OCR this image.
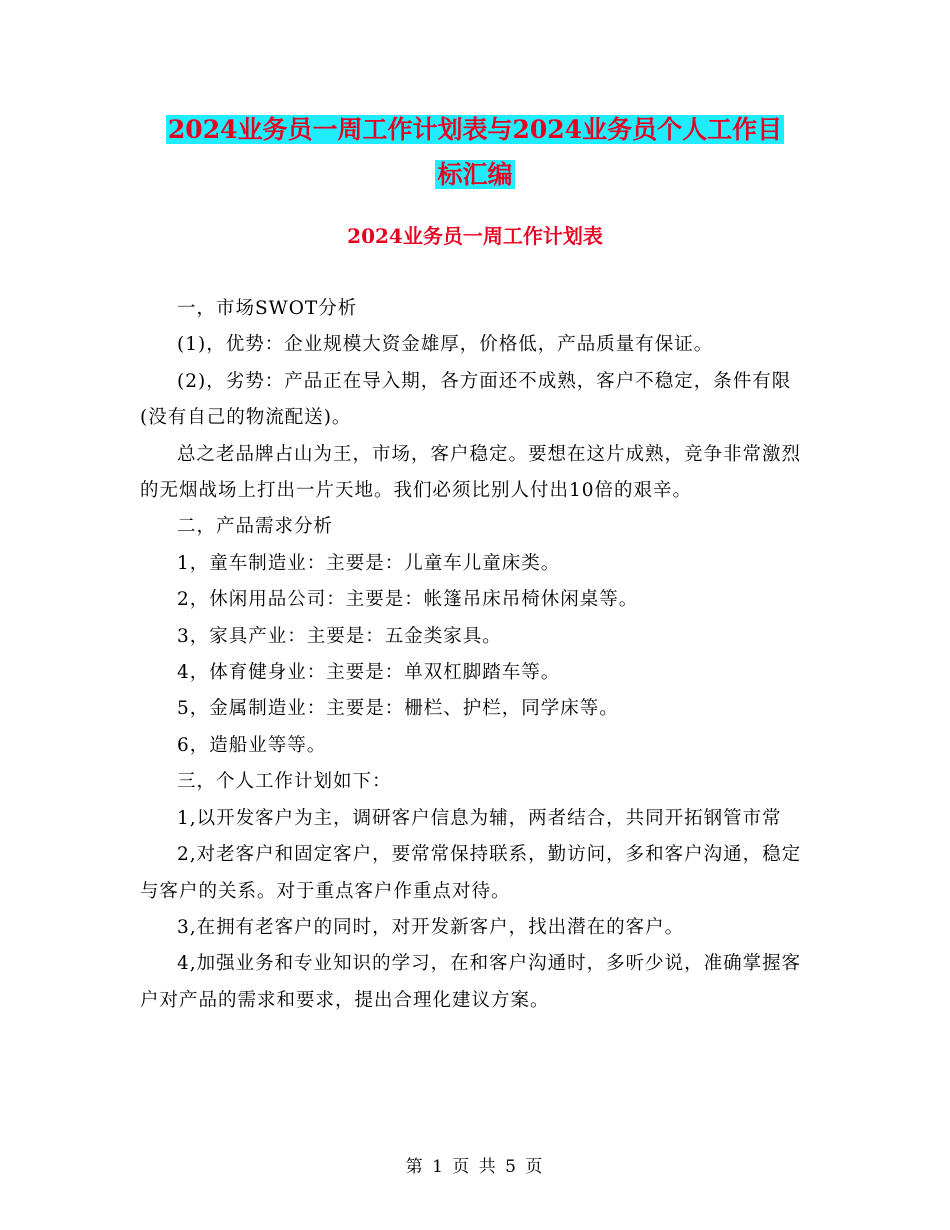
2024业务员一周工作计划表与2024业务员个人工作目
标汇编
2024业务员一周工作计划表

一，市场SWOT分析

(1)，优势：企业规模大资金雄厚，价格低，产品质量有保证。

(2)，劣势：产品正在导入期，各方面还不成熟，客户不稳定，条件有限(没有自己的物流配送)。

总之老品牌占山为王，市场，客户稳定。要想在这片成熟，竞争非常激烈的无烟战场上打出一片天地。我们必须比别人付出10倍的艰辛。

二，产品需求分析

1，童车制造业：主要是：儿童车儿童床类。

2，休闲用品公司：主要是：帐篷吊床吊椅休闲桌等。

3，家具产业：主要是：五金类家具。

4，体育健身业：主要是：单双杠脚踏车等。

5，金属制造业：主要是：栅栏、护栏，同学床等。

6，造船业等等。

三，个人工作计划如下：

1,以开发客户为主，调研客户信息为辅，两者结合，共同开拓钢管市常

2,对老客户和固定客户，要常常保持联系，勤访问，多和客户沟通，稳定与客户的关系。对于重点客户作重点对待。

3,在拥有老客户的同时，对开发新客户，找出潜在的客户。

4,加强业务和专业知识的学习，在和客户沟通时，多听少说，准确掌握客户对产品的需求和要求，提出合理化建议方案。

第 1 页 共 5 页
